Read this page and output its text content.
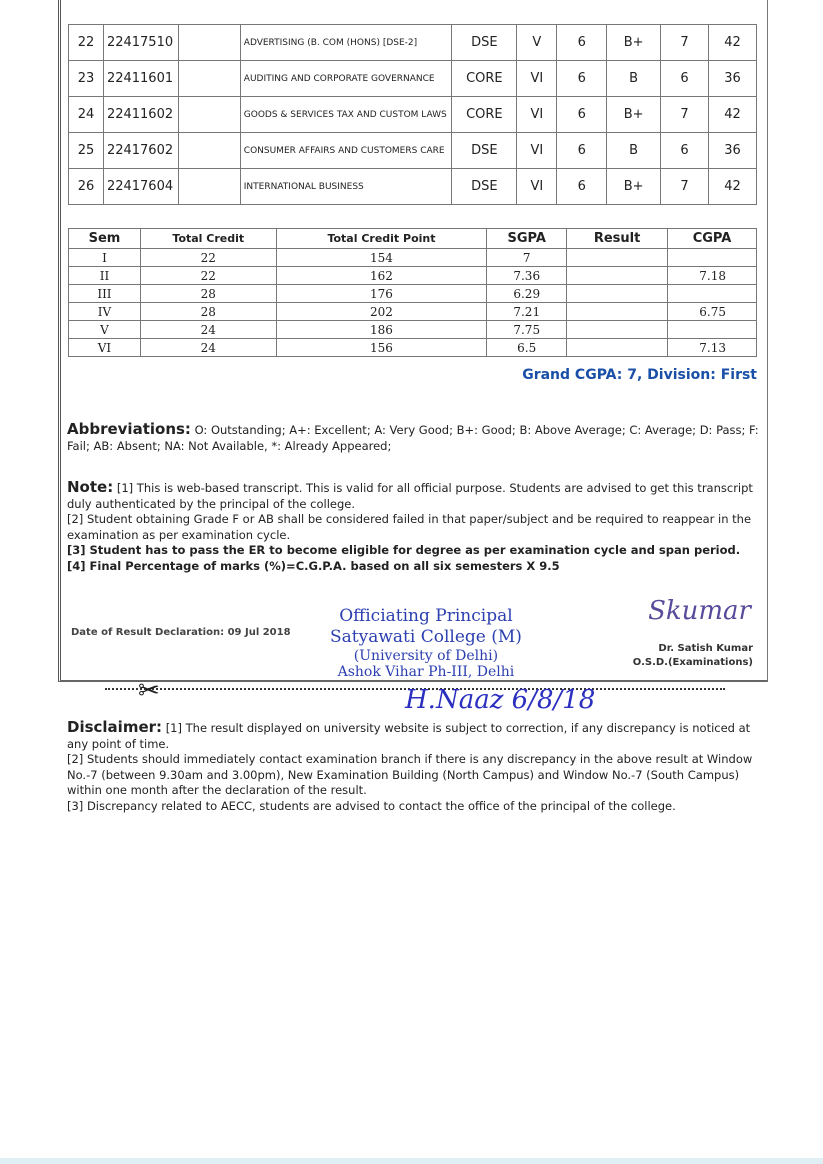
22	22417510		ADVERTISING (B. COM (HONS) [DSE-2]	DSE	V	6	B+	7	42
23	22411601		AUDITING AND CORPORATE GOVERNANCE	CORE	VI	6	B	6	36
24	22411602		GOODS & SERVICES TAX AND CUSTOM LAWS	CORE	VI	6	B+	7	42
25	22417602		CONSUMER AFFAIRS AND CUSTOMERS CARE	DSE	VI	6	B	6	36
26	22417604		INTERNATIONAL BUSINESS	DSE	VI	6	B+	7	42
Sem	Total Credit	Total Credit Point	SGPA	Result	CGPA
I	22	154	7		
II	22	162	7.36		7.18
III	28	176	6.29		
IV	28	202	7.21		6.75
V	24	186	7.75		
VI	24	156	6.5		7.13
Grand CGPA: 7, Division: First
Abbreviations: O: Outstanding; A+: Excellent; A: Very Good; B+: Good; B: Above Average; C: Average; D: Pass; F: Fail; AB: Absent; NA: Not Available, *: Already Appeared;
Note: [1] This is web-based transcript. This is valid for all official purpose. Students are advised to get this transcript duly authenticated by the principal of the college.
[2] Student obtaining Grade F or AB shall be considered failed in that paper/subject and be required to reappear in the examination as per examination cycle.
[3] Student has to pass the ER to become eligible for degree as per examination cycle and span period.
[4] Final Percentage of marks (%)=C.G.P.A. based on all six semesters X 9.5
Date of Result Declaration: 09 Jul 2018
Officiating Principal
Satyawati College (M)
(University of Delhi)
Ashok Vihar Ph-III, Delhi
Skumar
Dr. Satish Kumar
O.S.D.(Examinations)
✂	H.Naaz 6/8/18
Disclaimer: [1] The result displayed on university website is subject to correction, if any discrepancy is noticed at any point of time.
[2] Students should immediately contact examination branch if there is any discrepancy in the above result at Window No.-7 (between 9.30am and 3.00pm), New Examination Building (North Campus) and Window No.-7 (South Campus) within one month after the declaration of the result.
[3] Discrepancy related to AECC, students are advised to contact the office of the principal of the college.
